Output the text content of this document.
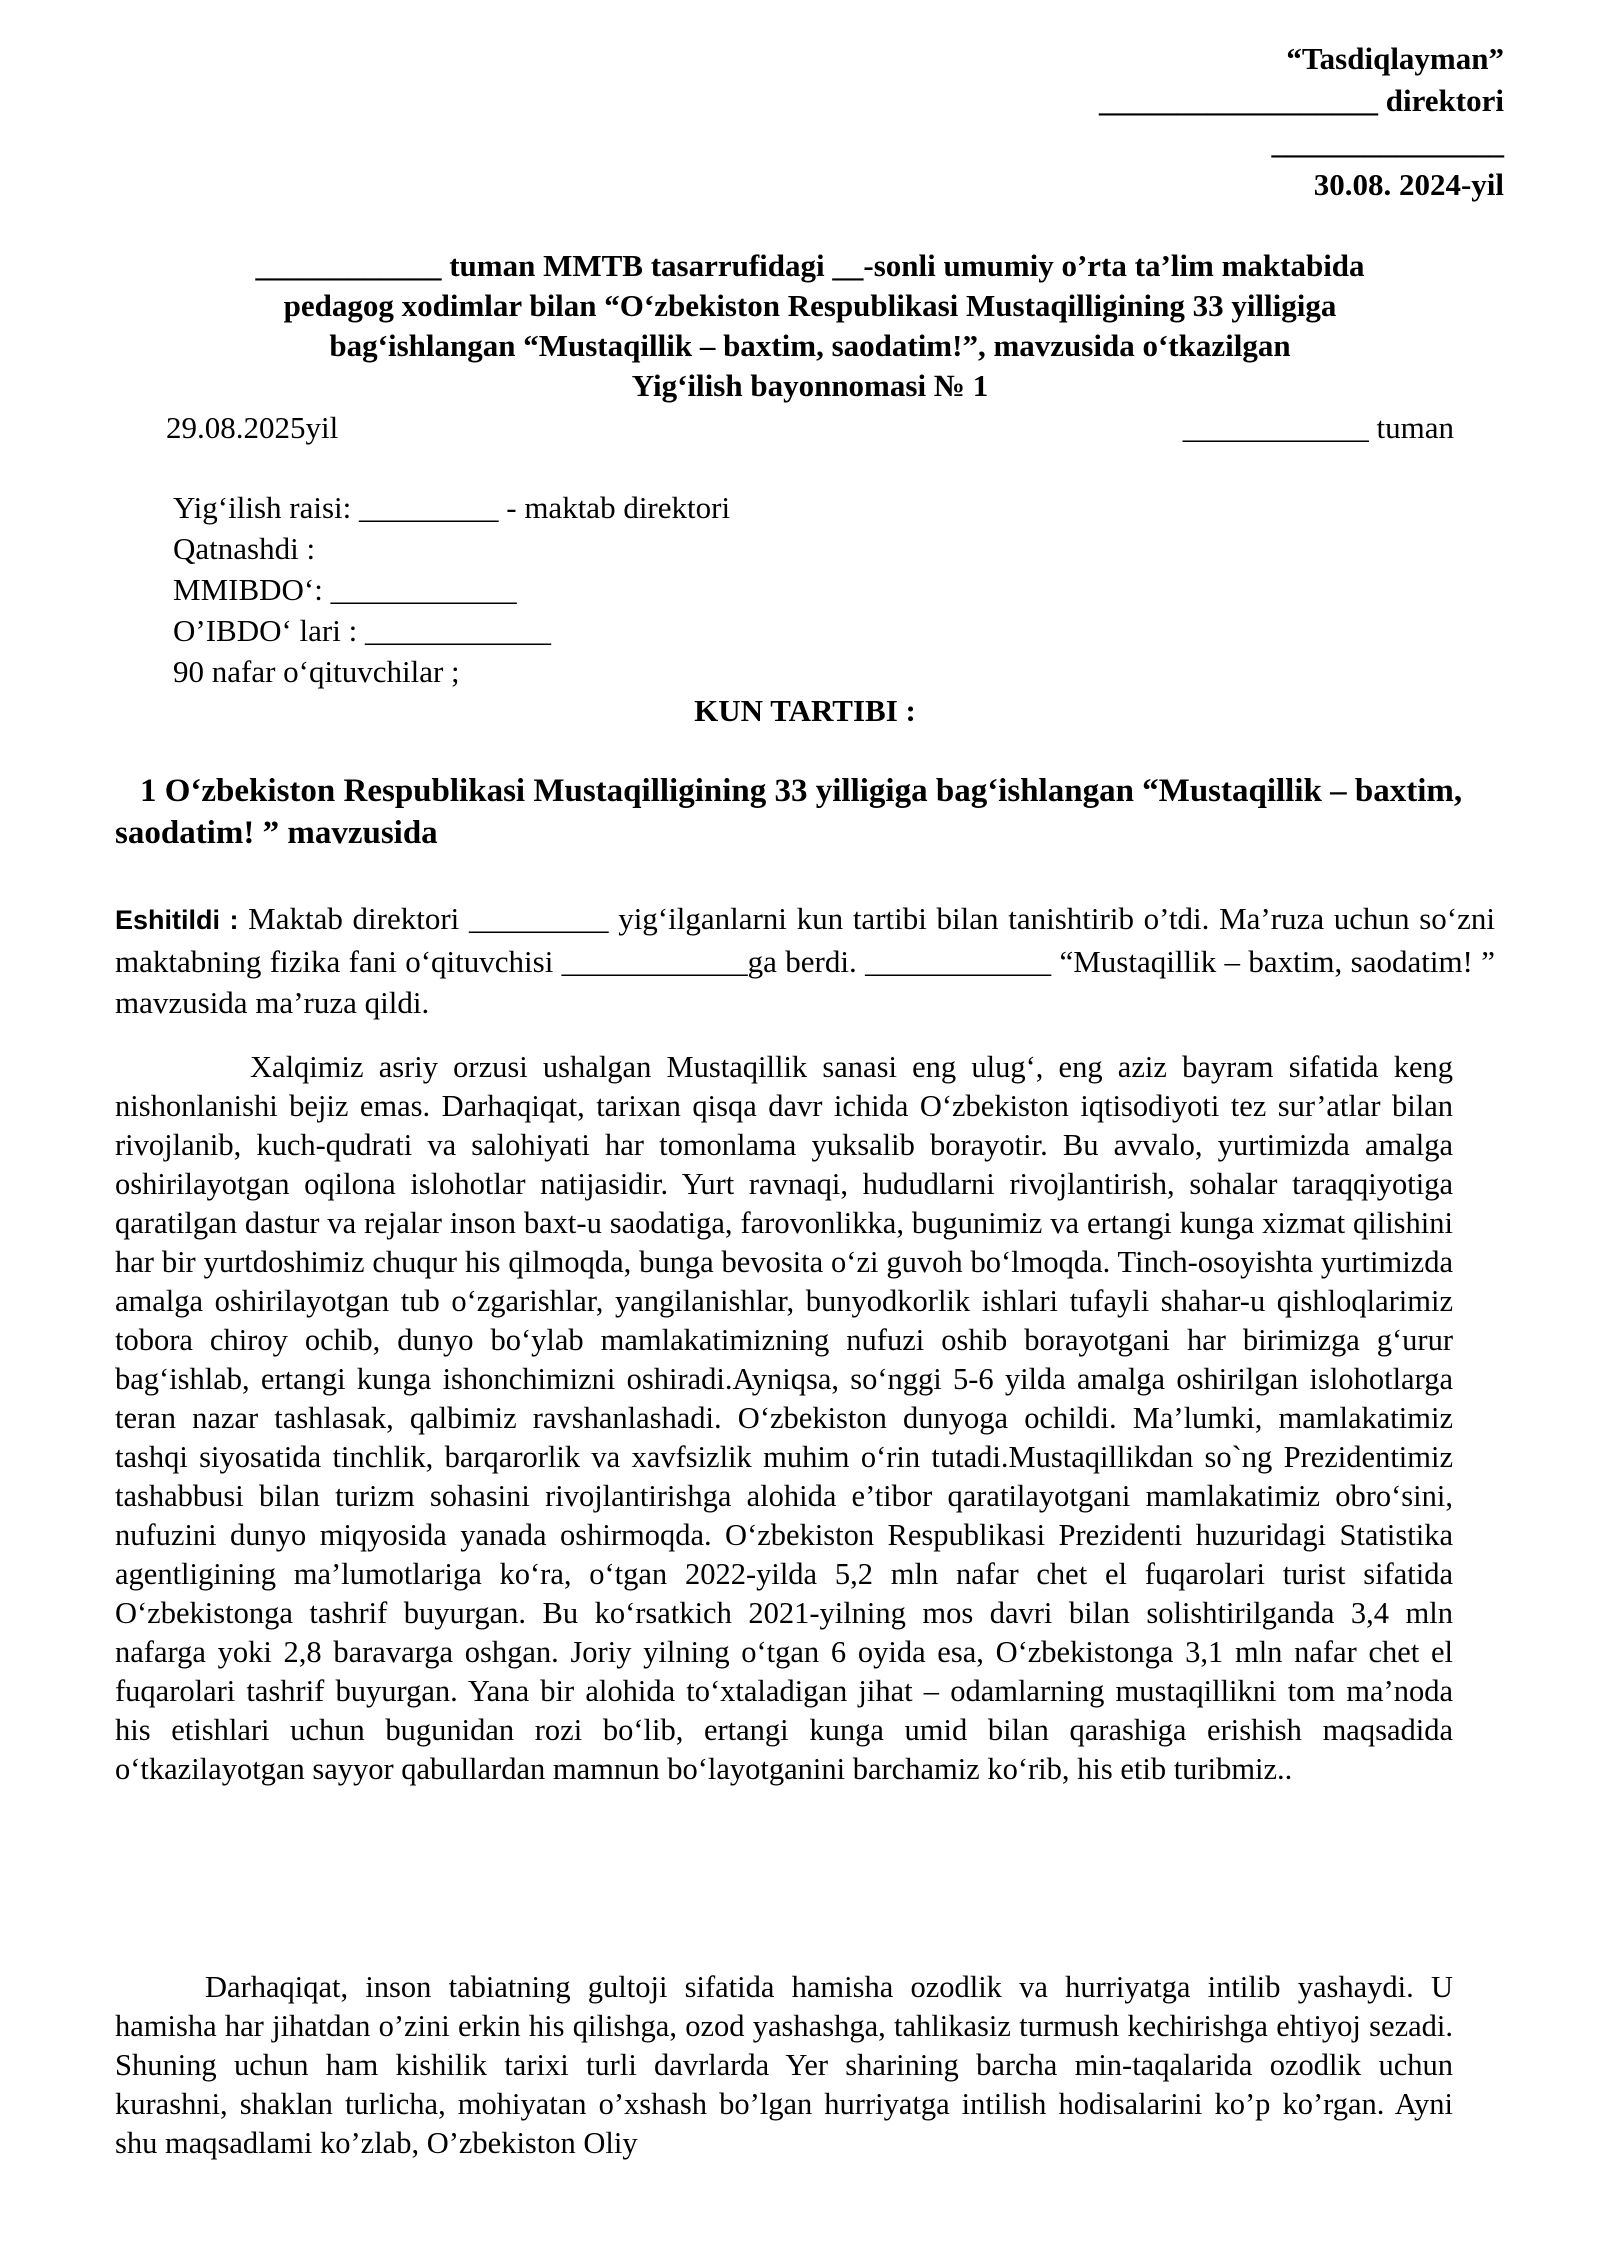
“Tasdiqlayman”
__________________ direktori
_______________
30.08. 2024-yil
____________ tuman MMTB tasarrufidagi __-sonli umumiy o’rta ta’lim maktabida
pedagog xodimlar bilan “O‘zbekiston Respublikasi Mustaqilligining 33 yilligiga
bag‘ishlangan “Mustaqillik – baxtim, saodatim!”, mavzusida o‘tkazilgan
Yig‘ilish bayonnomasi № 1
29.08.2025yil	____________ tuman
Yig‘ilish raisi: _________ - maktab direktori
Qatnashdi :
MMIBDO‘: ____________
O’IBDO‘ lari : ____________
90 nafar o‘qituvchilar ;
KUN TARTIBI :
1 O‘zbekiston Respublikasi Mustaqilligining 33 yilligiga bag‘ishlangan “Mustaqillik – baxtim, saodatim! ” mavzusida
Eshitildi : Maktab direktori _________ yig‘ilganlarni kun tartibi bilan tanishtirib o’tdi. Ma’ruza uchun so‘zni maktabning fizika fani o‘qituvchisi ____________ga berdi. ____________ “Mustaqillik – baxtim, saodatim! ” mavzusida ma’ruza qildi.
Xalqimiz asriy orzusi ushalgan Mustaqillik sanasi eng ulug‘, eng aziz bayram sifatida keng nishonlanishi bejiz emas. Darhaqiqat, tarixan qisqa davr ichida O‘zbekiston iqtisodiyoti tez sur’atlar bilan rivojlanib, kuch-qudrati va salohiyati har tomonlama yuksalib borayotir. Bu avvalo, yurtimizda amalga oshirilayotgan oqilona islohotlar natijasidir. Yurt ravnaqi, hududlarni rivojlantirish, sohalar taraqqiyotiga qaratilgan dastur va rejalar inson baxt-u saodatiga, farovonlikka, bugunimiz va ertangi kunga xizmat qilishini har bir yurtdoshimiz chuqur his qilmoqda, bunga bevosita o‘zi guvoh bo‘lmoqda. Tinch-osoyishta yurtimizda amalga oshirilayotgan tub o‘zgarishlar, yangilanishlar, bunyodkorlik ishlari tufayli shahar-u qishloqlarimiz tobora chiroy ochib, dunyo bo‘ylab mamlakatimizning nufuzi oshib borayotgani har birimizga g‘urur bag‘ishlab, ertangi kunga ishonchimizni oshiradi.Ayniqsa, so‘nggi 5-6 yilda amalga oshirilgan islohotlarga teran nazar tashlasak, qalbimiz ravshanlashadi. O‘zbekiston dunyoga ochildi. Ma’lumki, mamlakatimiz tashqi siyosatida tinchlik, barqarorlik va xavfsizlik muhim o‘rin tutadi.Mustaqillikdan so`ng Prezidentimiz tashabbusi bilan turizm sohasini rivojlantirishga alohida e’tibor qaratilayotgani mamlakatimiz obro‘sini, nufuzini dunyo miqyosida yanada oshirmoqda. O‘zbekiston Respublikasi Prezidenti huzuridagi Statistika agentligining ma’lumotlariga ko‘ra, o‘tgan 2022-yilda 5,2 mln nafar chet el fuqarolari turist sifatida O‘zbekistonga tashrif buyurgan. Bu ko‘rsatkich 2021-yilning mos davri bilan solishtirilganda 3,4 mln nafarga yoki 2,8 baravarga oshgan. Joriy yilning o‘tgan 6 oyida esa, O‘zbekistonga 3,1 mln nafar chet el fuqarolari tashrif buyurgan. Yana bir alohida to‘xtaladigan jihat – odamlarning mustaqillikni tom ma’noda his etishlari uchun bugunidan rozi bo‘lib, ertangi kunga umid bilan qarashiga erishish maqsadida o‘tkazilayotgan sayyor qabullardan mamnun bo‘layotganini barchamiz ko‘rib, his etib turibmiz..
Darhaqiqat, inson tabiatning gultoji sifatida hamisha ozodlik va hurriyatga intilib yashaydi. U hamisha har jihatdan o’zini erkin his qilishga, ozod yashashga, tahlikasiz turmush kechirishga ehtiyoj sezadi. Shuning uchun ham kishilik tarixi turli davrlarda Yer sharining barcha min-taqalarida ozodlik uchun kurashni, shaklan turlicha, mohiyatan o’xshash bo’lgan hurriyatga intilish hodisalarini ko’p ko’rgan. Ayni shu maqsadlami ko’zlab, O’zbekiston Oliy
